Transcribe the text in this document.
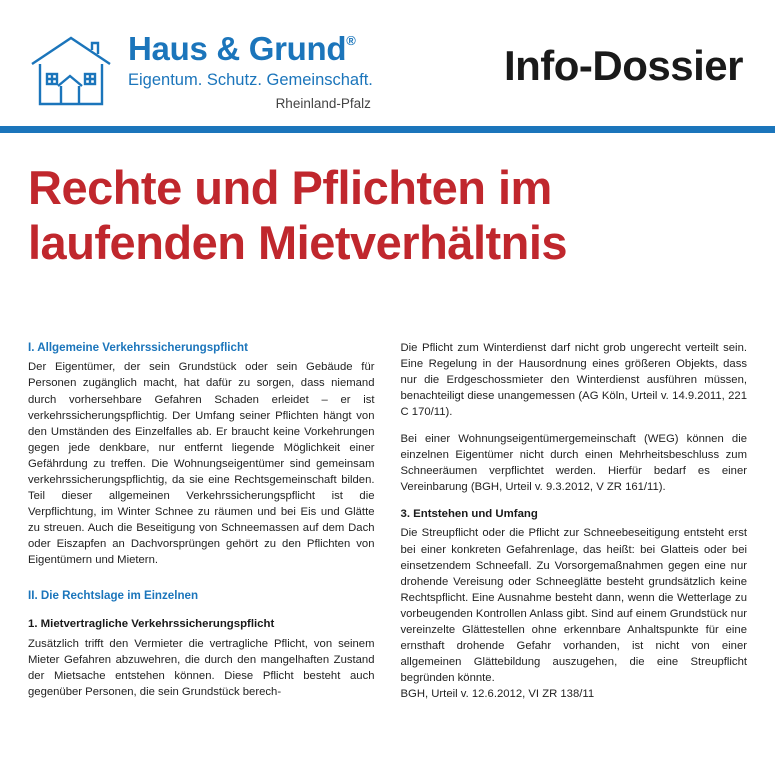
Haus & Grund®
Eigentum. Schutz. Gemeinschaft.
Rheinland-Pfalz
Info-Dossier
Rechte und Pflichten im
laufenden Mietverhältnis
I. Allgemeine Verkehrssicherungspflicht

Der Eigentümer, der sein Grundstück oder sein Gebäude für Personen zugänglich macht, hat dafür zu sorgen, dass niemand durch vorhersehbare Gefahren Schaden erleidet – er ist verkehrssicherungspflichtig. Der Umfang seiner Pflichten hängt von den Umständen des Einzelfalles ab. Er braucht keine Vorkehrungen gegen jede denkbare, nur entfernt liegende Möglichkeit einer Gefährdung zu treffen. Die Wohnungseigentümer sind gemeinsam verkehrssicherungspflichtig, da sie eine Rechtsgemeinschaft bilden. Teil dieser allgemeinen Verkehrssicherungspflicht ist die Verpflichtung, im Winter Schnee zu räumen und bei Eis und Glätte zu streuen. Auch die Beseitigung von Schneemassen auf dem Dach oder Eiszapfen an Dachvorsprüngen gehört zu den Pflichten von Eigentümern und Mietern.

II. Die Rechtslage im Einzelnen
1. Mietvertragliche Verkehrssicherungspflicht

Zusätzlich trifft den Vermieter die vertragliche Pflicht, von seinem Mieter Gefahren abzuwehren, die durch den mangelhaften Zustand der Mietsache entstehen können. Diese Pflicht besteht auch gegenüber Personen, die sein Grundstück berech-

Die Pflicht zum Winterdienst darf nicht grob ungerecht verteilt sein. Eine Regelung in der Hausordnung eines größeren Objekts, dass nur die Erdgeschossmieter den Winterdienst ausführen müssen, benachteiligt diese unangemessen (AG Köln, Urteil v. 14.9.2011, 221 C 170/11).

Bei einer Wohnungseigentümergemeinschaft (WEG) können die einzelnen Eigentümer nicht durch einen Mehrheitsbeschluss zum Schneeräumen verpflichtet werden. Hierfür bedarf es einer Vereinbarung (BGH, Urteil v. 9.3.2012, V ZR 161/11).

3. Entstehen und Umfang

Die Streupflicht oder die Pflicht zur Schneebeseitigung entsteht erst bei einer konkreten Gefahrenlage, das heißt: bei Glatteis oder bei einsetzendem Schneefall. Zu Vorsorgemaßnahmen gegen eine nur drohende Vereisung oder Schneeglätte besteht grundsätzlich keine Rechtspflicht. Eine Ausnahme besteht dann, wenn die Wetterlage zu vorbeugenden Kontrollen Anlass gibt. Sind auf einem Grundstück nur vereinzelte Glättestellen ohne erkennbare Anhaltspunkte für eine ernsthaft drohende Gefahr vorhanden, ist nicht von einer allgemeinen Glättebildung auszugehen, die eine Streupflicht begründen könnte.

BGH, Urteil v. 12.6.2012, VI ZR 138/11
